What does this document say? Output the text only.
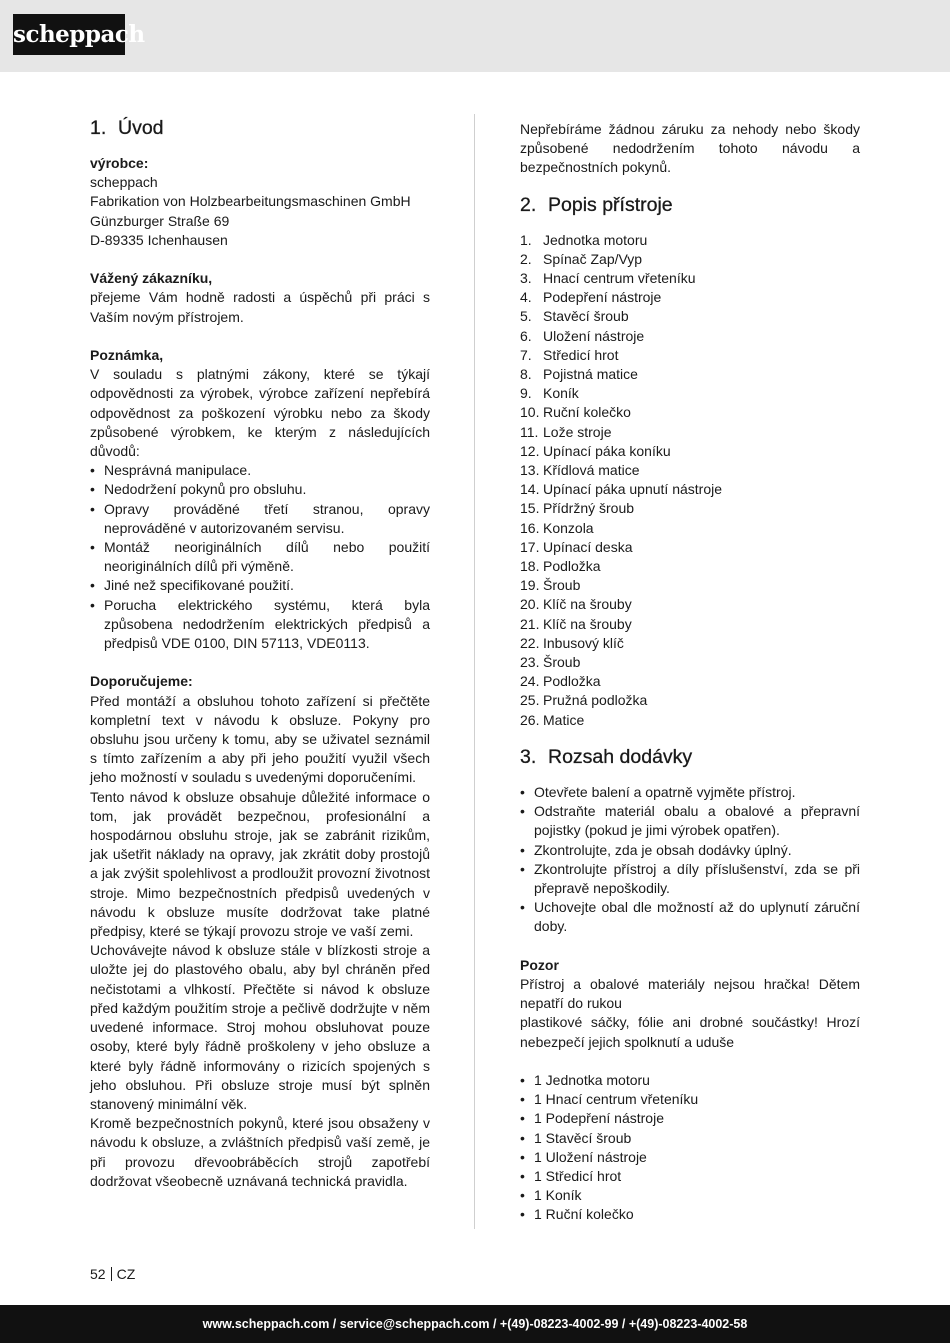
scheppach
1. Úvod

výrobce:

scheppach
Fabrikation von Holzbearbeitungsmaschinen GmbH
Günzburger Straße 69
D-89335 Ichenhausen

Vážený zákazníku,

přejeme Vám hodně radosti a úspěchů při práci s Vaším novým přístrojem.

Poznámka,

V souladu s platnými zákony, které se týkají odpovědnosti za výrobek, výrobce zařízení nepřebírá odpovědnost za poškození výrobku nebo za škody způsobené výrobkem, ke kterým z následujících důvodů:

• Nesprávná manipulace.
• Nedodržení pokynů pro obsluhu.
• Opravy prováděné třetí stranou, opravy neprováděné v autorizovaném servisu.
• Montáž neoriginálních dílů nebo použití neoriginálních dílů při výměně.
• Jiné než specifikované použití.
• Porucha elektrického systému, která byla způsobena nedodržením elektrických předpisů a předpisů VDE 0100, DIN 57113, VDE0113.

Doporučujeme:

Před montáží a obsluhou tohoto zařízení si přečtěte kompletní text v návodu k obsluze. Pokyny pro obsluhu jsou určeny k tomu, aby se uživatel seznámil s tímto zařízením a aby při jeho použití využil všech jeho možností v souladu s uvedenými doporučeními.

Tento návod k obsluze obsahuje důležité informace o tom, jak provádět bezpečnou, profesionální a hospodárnou obsluhu stroje, jak se zabránit rizikům, jak ušetřit náklady na opravy, jak zkrátit doby prostojů a jak zvýšit spolehlivost a prodloužit provozní životnost stroje. Mimo bezpečnostních předpisů uvedených v návodu k obsluze musíte dodržovat take platné předpisy, které se týkají provozu stroje ve vaší zemi.

Uchovávejte návod k obsluze stále v blízkosti stroje a uložte jej do plastového obalu, aby byl chráněn před nečistotami a vlhkostí. Přečtěte si návod k obsluze před každým použitím stroje a pečlivě dodržujte v něm uvedené informace. Stroj mohou obsluhovat pouze osoby, které byly řádně proškoleny v jeho obsluze a které byly řádně informovány o rizicích spojených s jeho obsluhou. Při obsluze stroje musí být splněn stanovený minimální věk.

Kromě bezpečnostních pokynů, které jsou obsaženy v návodu k obsluze, a zvláštních předpisů vaší země, je při provozu dřevoobráběcích strojů zapotřebí dodržovat všeobecně uznávaná technická pravidla.

Nepřebíráme žádnou záruku za nehody nebo škody způsobené nedodržením tohoto návodu a bezpečnostních pokynů.

2. Popis přístroje
1. Jednotka motoru
2. Spínač Zap/Vyp
3. Hnací centrum vřeteníku
4. Podepření nástroje
5. Stavěcí šroub
6. Uložení nástroje
7. Středicí hrot
8. Pojistná matice
9. Koník
10. Ruční kolečko
11. Lože stroje
12. Upínací páka koníku
13. Křídlová matice
14. Upínací páka upnutí nástroje
15. Přídržný šroub
16. Konzola
17. Upínací deska
18. Podložka
19. Šroub
20. Klíč na šrouby
21. Klíč na šrouby
22. Inbusový klíč
23. Šroub
24. Podložka
25. Pružná podložka
26. Matice
3. Rozsah dodávky
• Otevřete balení a opatrně vyjměte přístroj.
• Odstraňte materiál obalu a obalové a přepravní pojistky (pokud je jimi výrobek opatřen).
• Zkontrolujte, zda je obsah dodávky úplný.
• Zkontrolujte přístroj a díly příslušenství, zda se při přepravě nepoškodily.
• Uchovejte obal dle možností až do uplynutí záruční doby.

Pozor

Přístroj a obalové materiály nejsou hračka! Dětem nepatří do rukou

plastikové sáčky, fólie ani drobné součástky! Hrozí nebezpečí jejich spolknutí a uduše

• 1 Jednotka motoru
• 1 Hnací centrum vřeteníku
• 1 Podepření nástroje
• 1 Stavěcí šroub
• 1 Uložení nástroje
• 1 Středicí hrot
• 1 Koník
• 1 Ruční kolečko
52 CZ
www.scheppach.com / service@scheppach.com / +(49)-08223-4002-99 / +(49)-08223-4002-58
